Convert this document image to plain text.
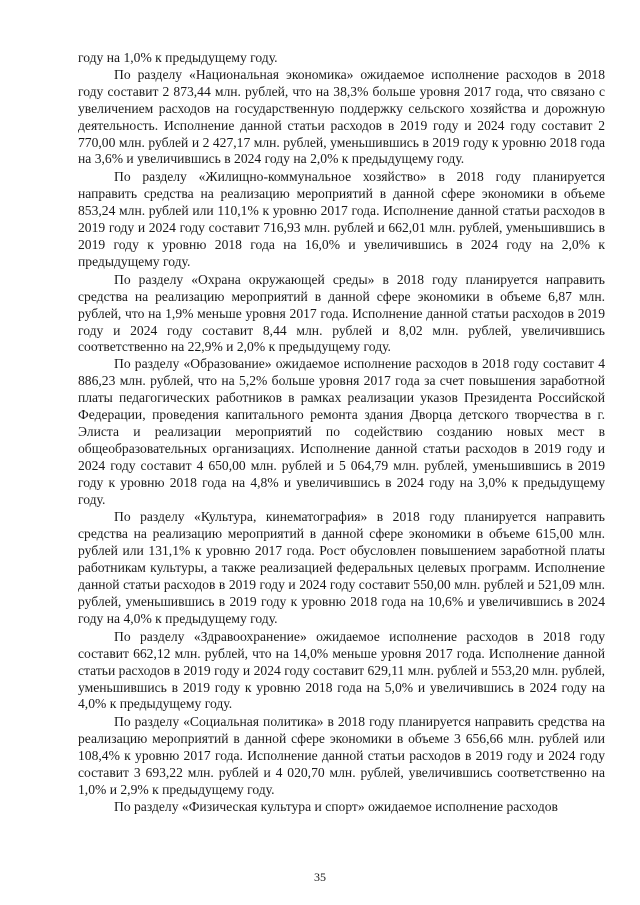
году на 1,0% к предыдущему году.

По разделу «Национальная экономика» ожидаемое исполнение расходов в 2018 году составит 2 873,44 млн. рублей, что на 38,3% больше уровня 2017 года, что связано с увеличением расходов на государственную поддержку сельского хозяйства и дорожную деятельность. Исполнение данной статьи расходов в 2019 году и 2024 году составит 2 770,00 млн. рублей и 2 427,17 млн. рублей, уменьшившись в 2019 году к уровню 2018 года на 3,6% и увеличившись в 2024 году на 2,0% к предыдущему году.

По разделу «Жилищно-коммунальное хозяйство» в 2018 году планируется направить средства на реализацию мероприятий в данной сфере экономики в объеме 853,24 млн. рублей или 110,1% к уровню 2017 года. Исполнение данной статьи расходов в 2019 году и 2024 году составит 716,93 млн. рублей и 662,01 млн. рублей, уменьшившись в 2019 году к уровню 2018 года на 16,0% и увеличившись в 2024 году на 2,0% к предыдущему году.

По разделу «Охрана окружающей среды» в 2018 году планируется направить средства на реализацию мероприятий в данной сфере экономики в объеме 6,87 млн. рублей, что на 1,9% меньше уровня 2017 года. Исполнение данной статьи расходов в 2019 году и 2024 году составит 8,44 млн. рублей и 8,02 млн. рублей, увеличившись соответственно на 22,9% и 2,0% к предыдущему году.

По разделу «Образование» ожидаемое исполнение расходов в 2018 году составит 4 886,23 млн. рублей, что на 5,2% больше уровня 2017 года за счет повышения заработной платы педагогических работников в рамках реализации указов Президента Российской Федерации, проведения капитального ремонта здания Дворца детского творчества в г. Элиста и реализации мероприятий по содействию созданию новых мест в общеобразовательных организациях. Исполнение данной статьи расходов в 2019 году и 2024 году составит 4 650,00 млн. рублей и 5 064,79 млн. рублей, уменьшившись в 2019 году к уровню 2018 года на 4,8% и увеличившись в 2024 году на 3,0% к предыдущему году.

По разделу «Культура, кинематография» в 2018 году планируется направить средства на реализацию мероприятий в данной сфере экономики в объеме 615,00 млн. рублей или 131,1% к уровню 2017 года. Рост обусловлен повышением заработной платы работникам культуры, а также реализацией федеральных целевых программ. Исполнение данной статьи расходов в 2019 году и 2024 году составит 550,00 млн. рублей и 521,09 млн. рублей, уменьшившись в 2019 году к уровню 2018 года на 10,6% и увеличившись в 2024 году на 4,0% к предыдущему году.

По разделу «Здравоохранение» ожидаемое исполнение расходов в 2018 году составит 662,12 млн. рублей, что на 14,0% меньше уровня 2017 года. Исполнение данной статьи расходов в 2019 году и 2024 году составит 629,11 млн. рублей и 553,20 млн. рублей, уменьшившись в 2019 году к уровню 2018 года на 5,0% и увеличившись в 2024 году на 4,0% к предыдущему году.

По разделу «Социальная политика» в 2018 году планируется направить средства на реализацию мероприятий в данной сфере экономики в объеме 3 656,66 млн. рублей или 108,4% к уровню 2017 года. Исполнение данной статьи расходов в 2019 году и 2024 году составит 3 693,22 млн. рублей и 4 020,70 млн. рублей, увеличившись соответственно на 1,0% и 2,9% к предыдущему году.

По разделу «Физическая культура и спорт» ожидаемое исполнение расходов

35
